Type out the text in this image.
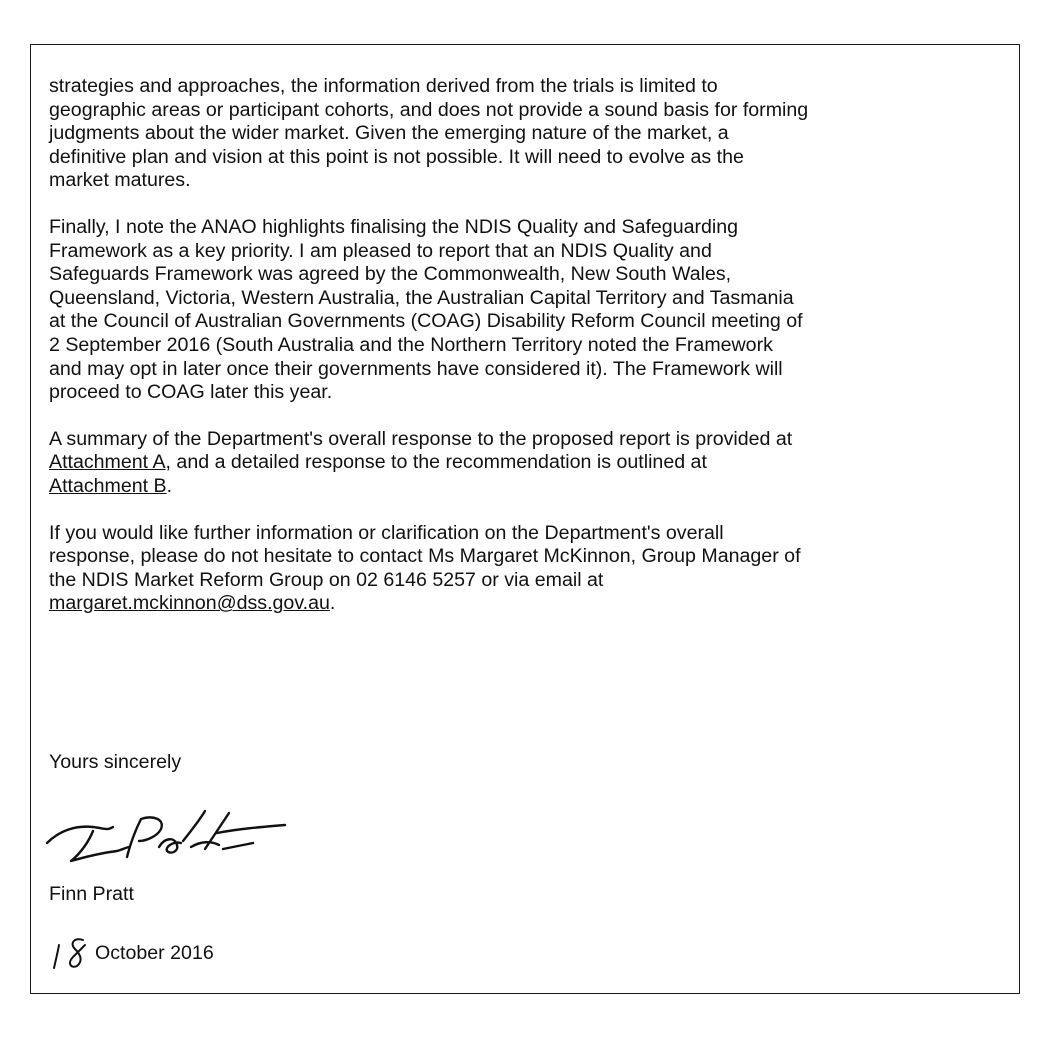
strategies and approaches, the information derived from the trials is limited to
geographic areas or participant cohorts, and does not provide a sound basis for forming
judgments about the wider market. Given the emerging nature of the market, a
definitive plan and vision at this point is not possible. It will need to evolve as the
market matures.

Finally, I note the ANAO highlights finalising the NDIS Quality and Safeguarding
Framework as a key priority. I am pleased to report that an NDIS Quality and
Safeguards Framework was agreed by the Commonwealth, New South Wales,
Queensland, Victoria, Western Australia, the Australian Capital Territory and Tasmania
at the Council of Australian Governments (COAG) Disability Reform Council meeting of
2 September 2016 (South Australia and the Northern Territory noted the Framework
and may opt in later once their governments have considered it). The Framework will
proceed to COAG later this year.

A summary of the Department's overall response to the proposed report is provided at
Attachment A, and a detailed response to the recommendation is outlined at
Attachment B.

If you would like further information or clarification on the Department's overall
response, please do not hesitate to contact Ms Margaret McKinnon, Group Manager of
the NDIS Market Reform Group on 02 6146 5257 or via email at
margaret.mckinnon@dss.gov.au.

Yours sincerely
Finn Pratt
October 2016
